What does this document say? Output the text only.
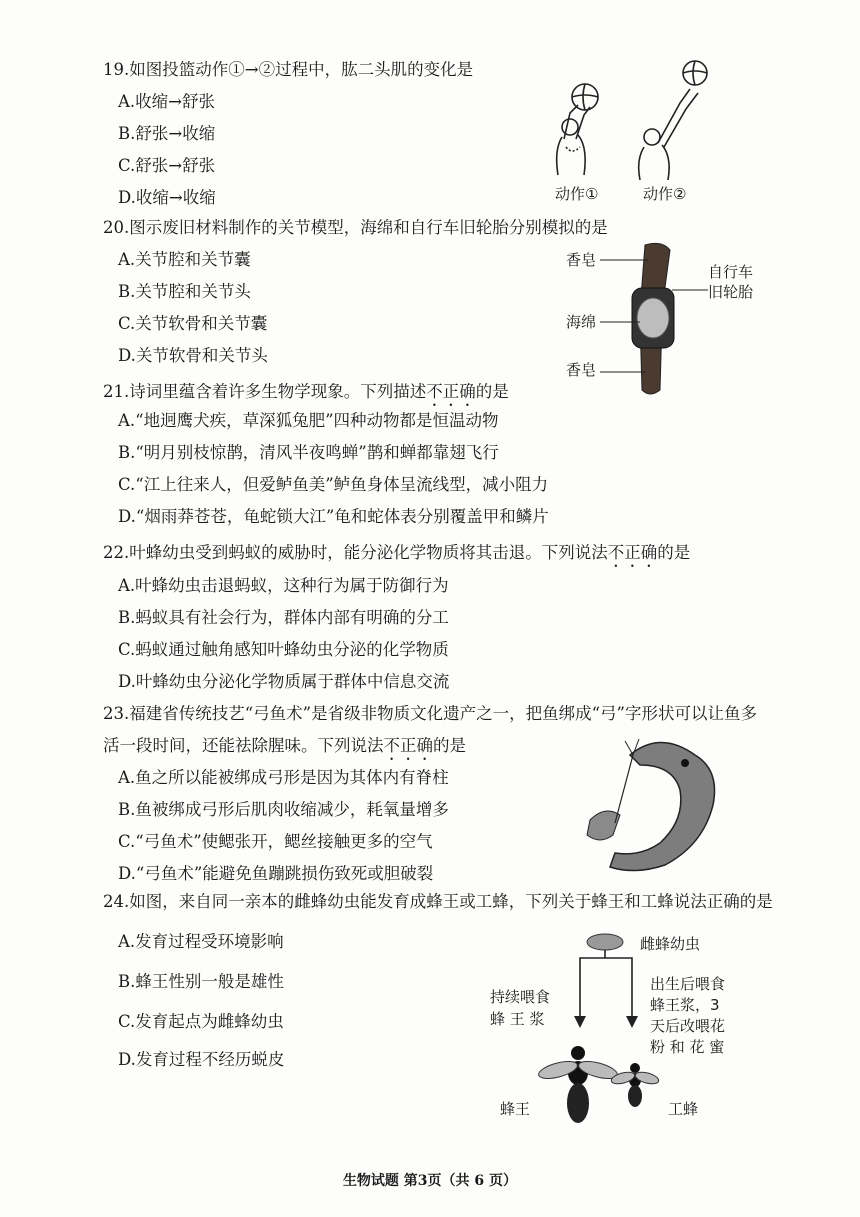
19.如图投篮动作①→②过程中，肱二头肌的变化是
A.收缩→舒张
B.舒张→收缩
C.舒张→舒张
D.收缩→收缩	动作①	动作②
20.图示废旧材料制作的关节模型，海绵和自行车旧轮胎分别模拟的是
A.关节腔和关节囊
B.关节腔和关节头
C.关节软骨和关节囊
D.关节软骨和关节头
香皂
自行车
旧轮胎
海绵
香皂
21.诗词里蕴含着许多生物学现象。下列描述不正确的是
A.“地迥鹰犬疾，草深狐兔肥”四种动物都是恒温动物
B.“明月别枝惊鹊，清风半夜鸣蝉”鹊和蝉都靠翅飞行
C.“江上往来人，但爱鲈鱼美”鲈鱼身体呈流线型，减小阻力
D.“烟雨莽苍苍，龟蛇锁大江”龟和蛇体表分别覆盖甲和鳞片
22.叶蜂幼虫受到蚂蚁的威胁时，能分泌化学物质将其击退。下列说法不正确的是
A.叶蜂幼虫击退蚂蚁，这种行为属于防御行为
B.蚂蚁具有社会行为，群体内部有明确的分工
C.蚂蚁通过触角感知叶蜂幼虫分泌的化学物质
D.叶蜂幼虫分泌化学物质属于群体中信息交流
23.福建省传统技艺“弓鱼术”是省级非物质文化遗产之一，把鱼绑成“弓”字形状可以让鱼多
活一段时间，还能祛除腥味。下列说法不正确的是
A.鱼之所以能被绑成弓形是因为其体内有脊柱
B.鱼被绑成弓形后肌肉收缩减少，耗氧量增多
C.“弓鱼术”使鳃张开，鳃丝接触更多的空气
D.“弓鱼术”能避免鱼蹦跳损伤致死或胆破裂
24.如图，来自同一亲本的雌蜂幼虫能发育成蜂王或工蜂，下列关于蜂王和工蜂说法正确的是
A.发育过程受环境影响
B.蜂王性别一般是雄性
C.发育起点为雌蜂幼虫
D.发育过程不经历蜕皮
雌蜂幼虫
持续喂食
蜂 王 浆
出生后喂食
蜂王浆，3
天后改喂花
粉 和 花 蜜
蜂王	工蜂
生物试题 第3页（共 6 页）
